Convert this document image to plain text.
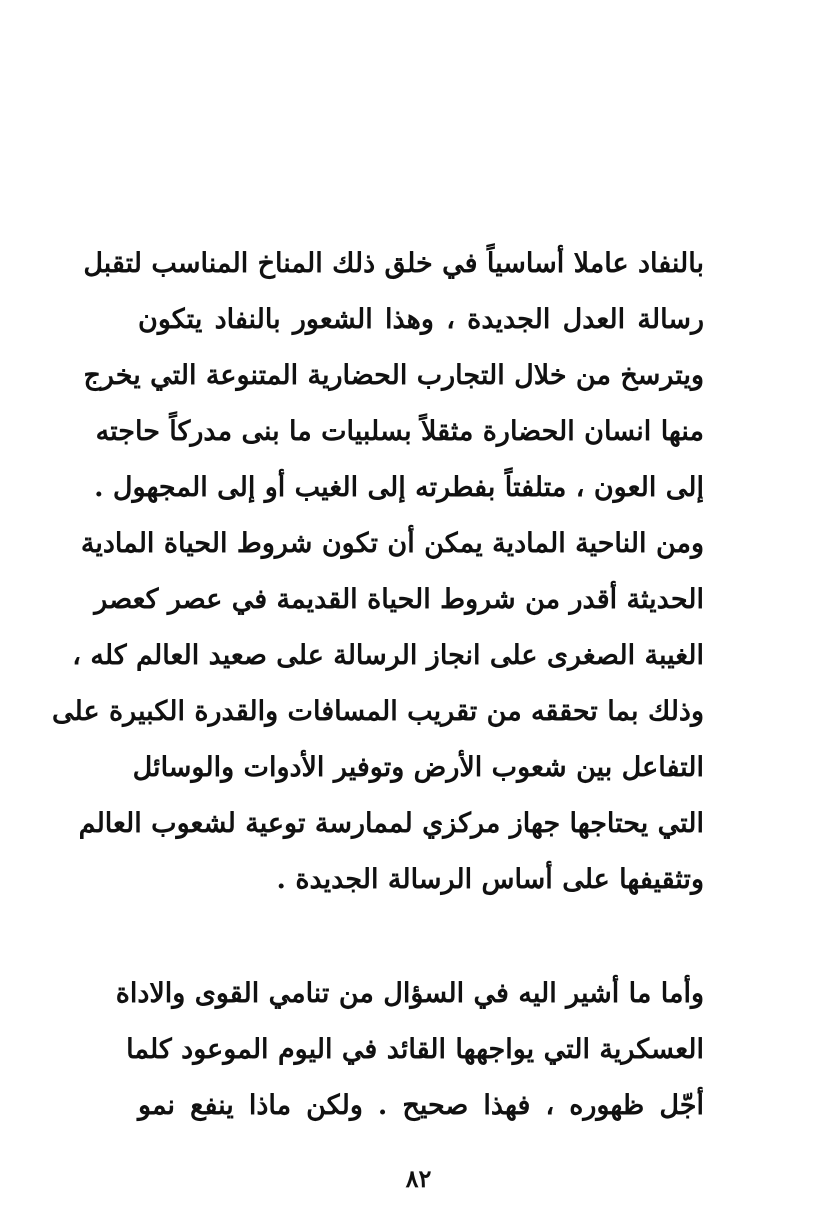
بالنفاد عاملا أساسياً في خلق ذلك المناخ المناسب لتقبل
رسالة العدل الجديدة ، وهذا الشعور بالنفاد يتكون
ويترسخ من خلال التجارب الحضارية المتنوعة التي يخرج
منها انسان الحضارة مثقلاً بسلبيات ما بنى مدركاً حاجته
إلى العون ، متلفتاً بفطرته إلى الغيب أو إلى المجهول .
ومن الناحية المادية يمكن أن تكون شروط الحياة المادية
الحديثة أقدر من شروط الحياة القديمة في عصر كعصر
الغيبة الصغرى على انجاز الرسالة على صعيد العالم كله ،
وذلك بما تحققه من تقريب المسافات والقدرة الكبيرة على
التفاعل بين شعوب الأرض وتوفير الأدوات والوسائل
التي يحتاجها جهاز مركزي لممارسة توعية لشعوب العالم
وتثقيفها على أساس الرسالة الجديدة .
وأما ما أشير اليه في السؤال من تنامي القوى والاداة
العسكرية التي يواجهها القائد في اليوم الموعود كلما
أجّل ظهوره ، فهذا صحيح . ولكن ماذا ينفع نمو
٨٢
